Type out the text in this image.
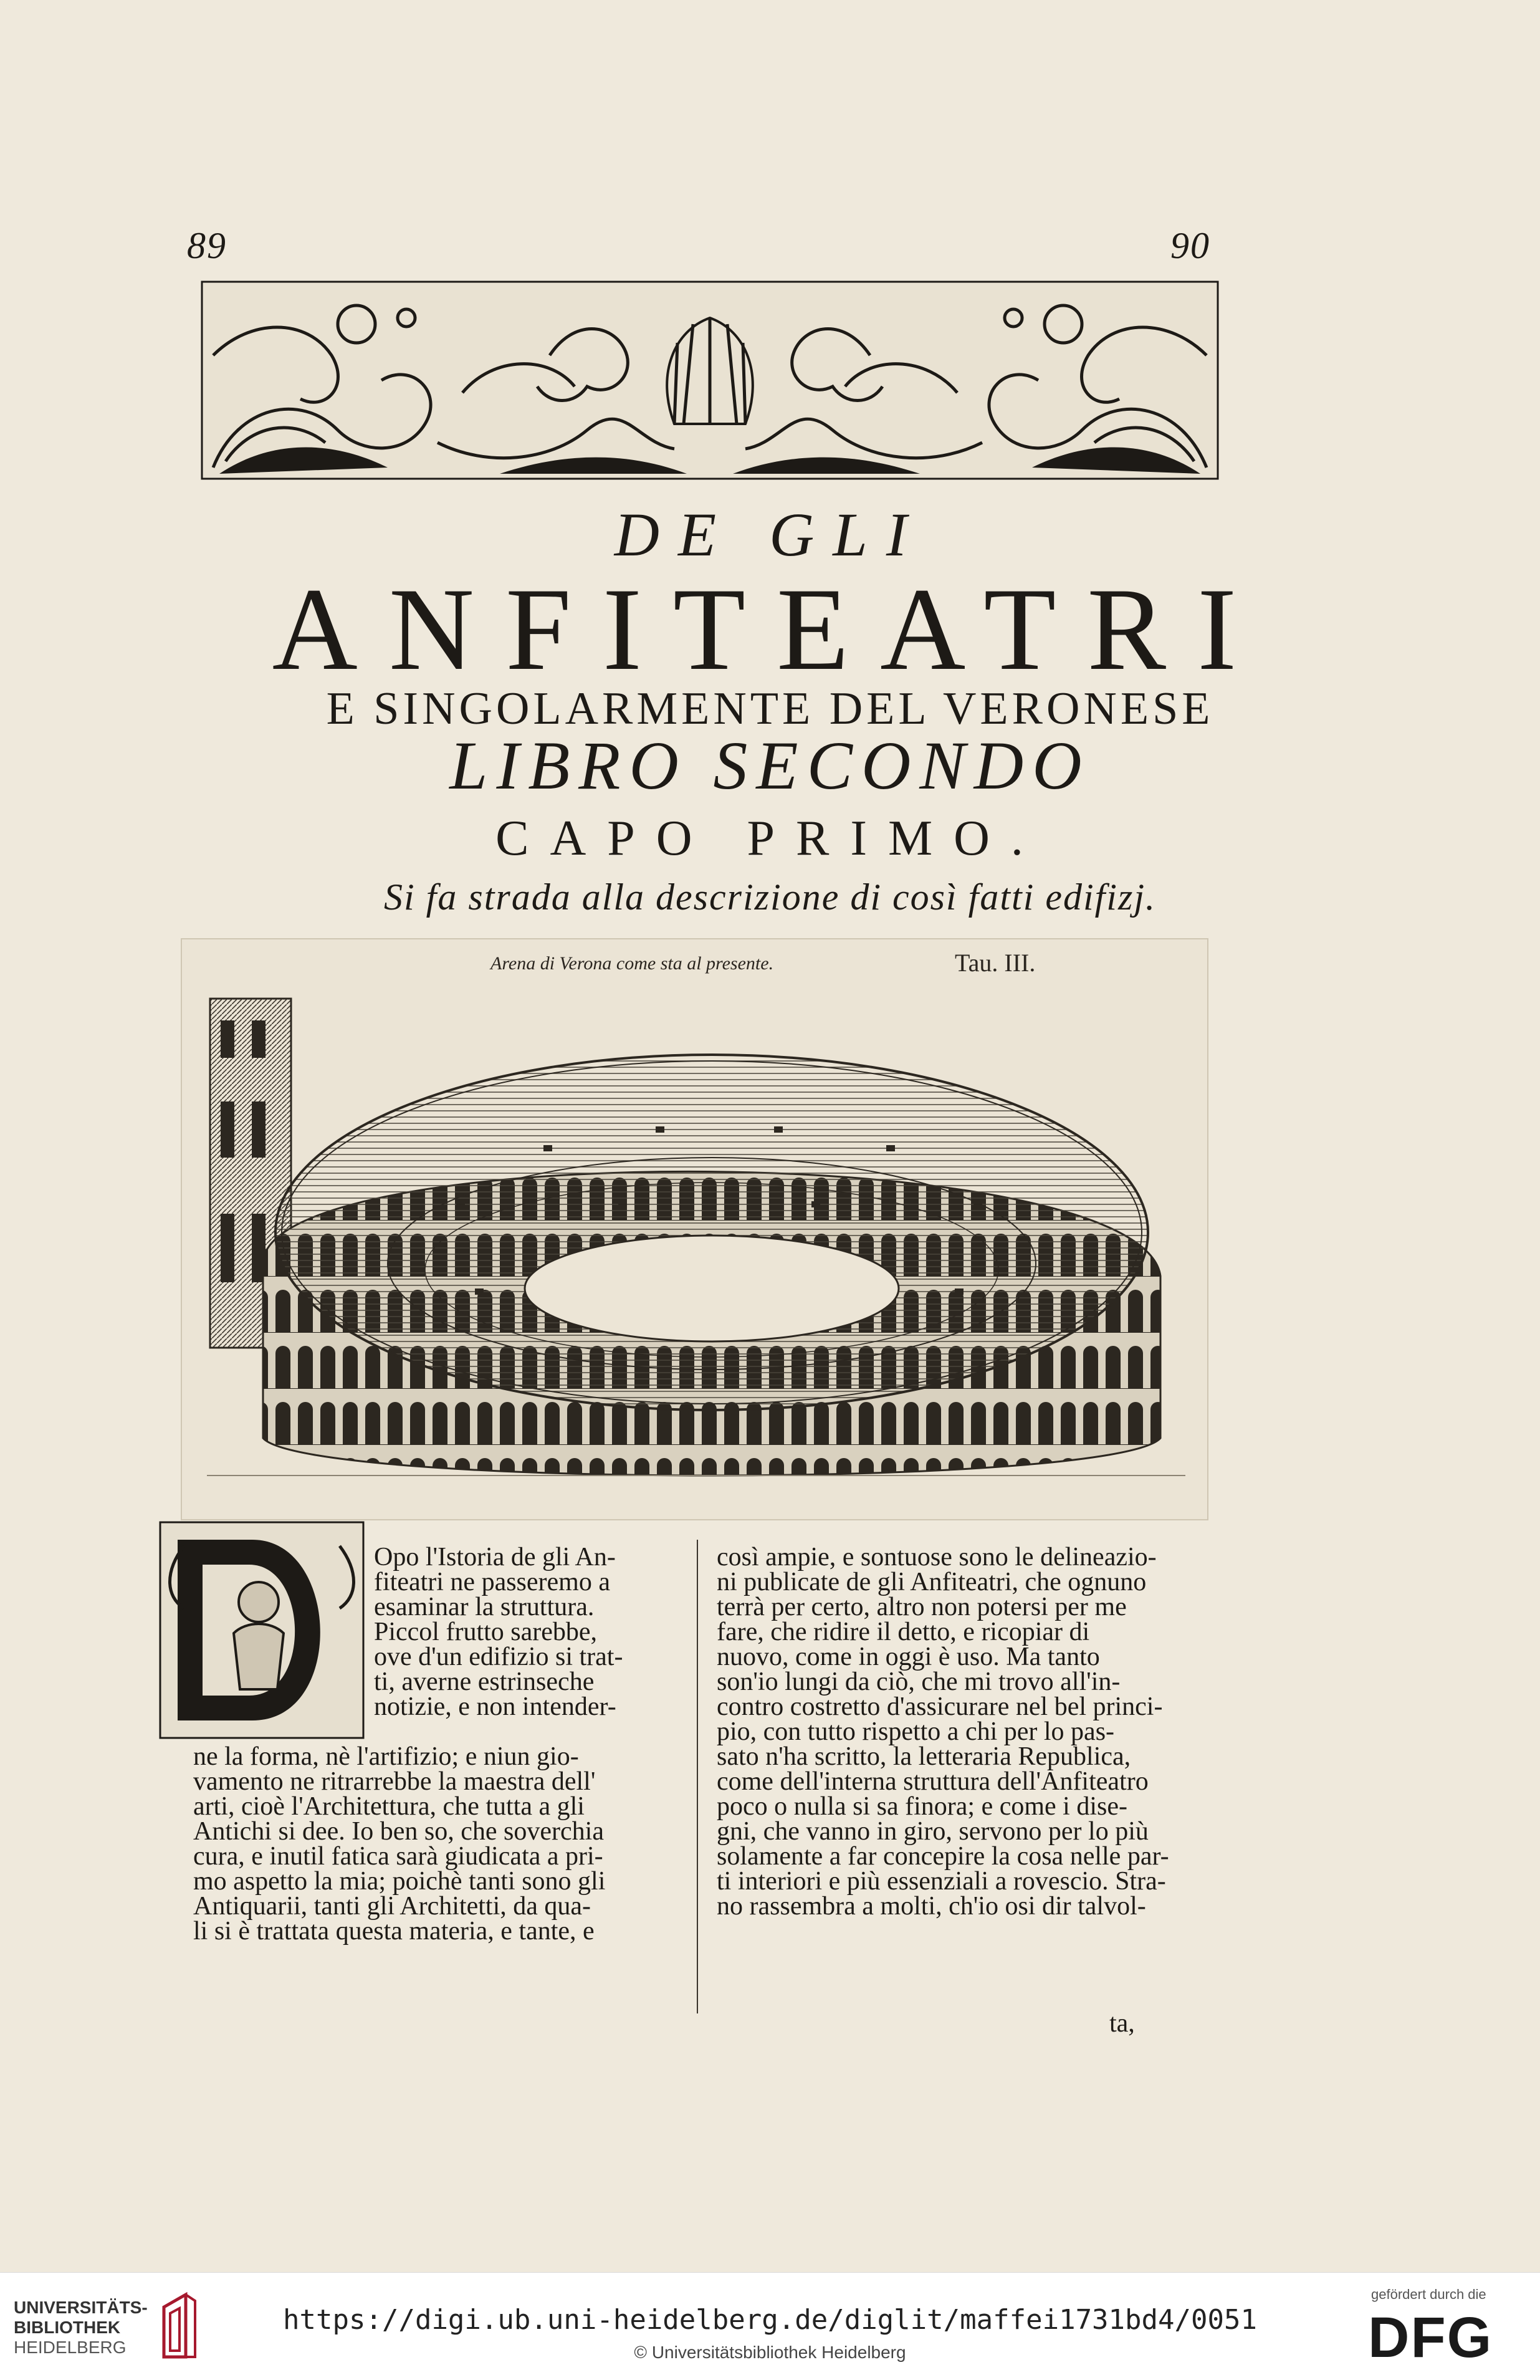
89	90
DE GLI
ANFITEATRI
E SINGOLARMENTE DEL VERONESE
LIBRO SECONDO
CAPO PRIMO.
Si fa strada alla descrizione di così fatti edifizj.
Arena di Verona come sta al presente.	Tau. III.
Opo l'Istoria de gli An-
fiteatri ne passeremo a
esaminar la struttura.
Piccol frutto sarebbe,
ove d'un edifizio si trat-
ti, averne estrinseche
notizie, e non intender-
ne la forma, nè l'artifizio; e niun gio-
vamento ne ritrarrebbe la maestra dell'
arti, cioè l'Architettura, che tutta a gli
Antichi si dee. Io ben so, che soverchia
cura, e inutil fatica sarà giudicata a pri-
mo aspetto la mia; poichè tanti sono gli
Antiquarii, tanti gli Architetti, da qua-
li si è trattata questa materia, e tante, e
così ampie, e sontuose sono le delineazio-
ni publicate de gli Anfiteatri, che ognuno
terrà per certo, altro non potersi per me
fare, che ridire il detto, e ricopiar di
nuovo, come in oggi è uso. Ma tanto
son'io lungi da ciò, che mi trovo all'in-
contro costretto d'assicurare nel bel princi-
pio, con tutto rispetto a chi per lo pas-
sato n'ha scritto, la letteraria Republica,
come dell'interna struttura dell'Anfiteatro
poco o nulla si sa finora; e come i dise-
gni, che vanno in giro, servono per lo più
solamente a far concepire la cosa nelle par-
ti interiori e più essenziali a rovescio. Stra-
no rassembra a molti, ch'io osi dir talvol-
ta,
UNIVERSITÄTS-
BIBLIOTHEK
HEIDELBERG
https://digi.ub.uni-heidelberg.de/diglit/maffei1731bd4/0051
© Universitätsbibliothek Heidelberg
gefördert durch die
DFG
